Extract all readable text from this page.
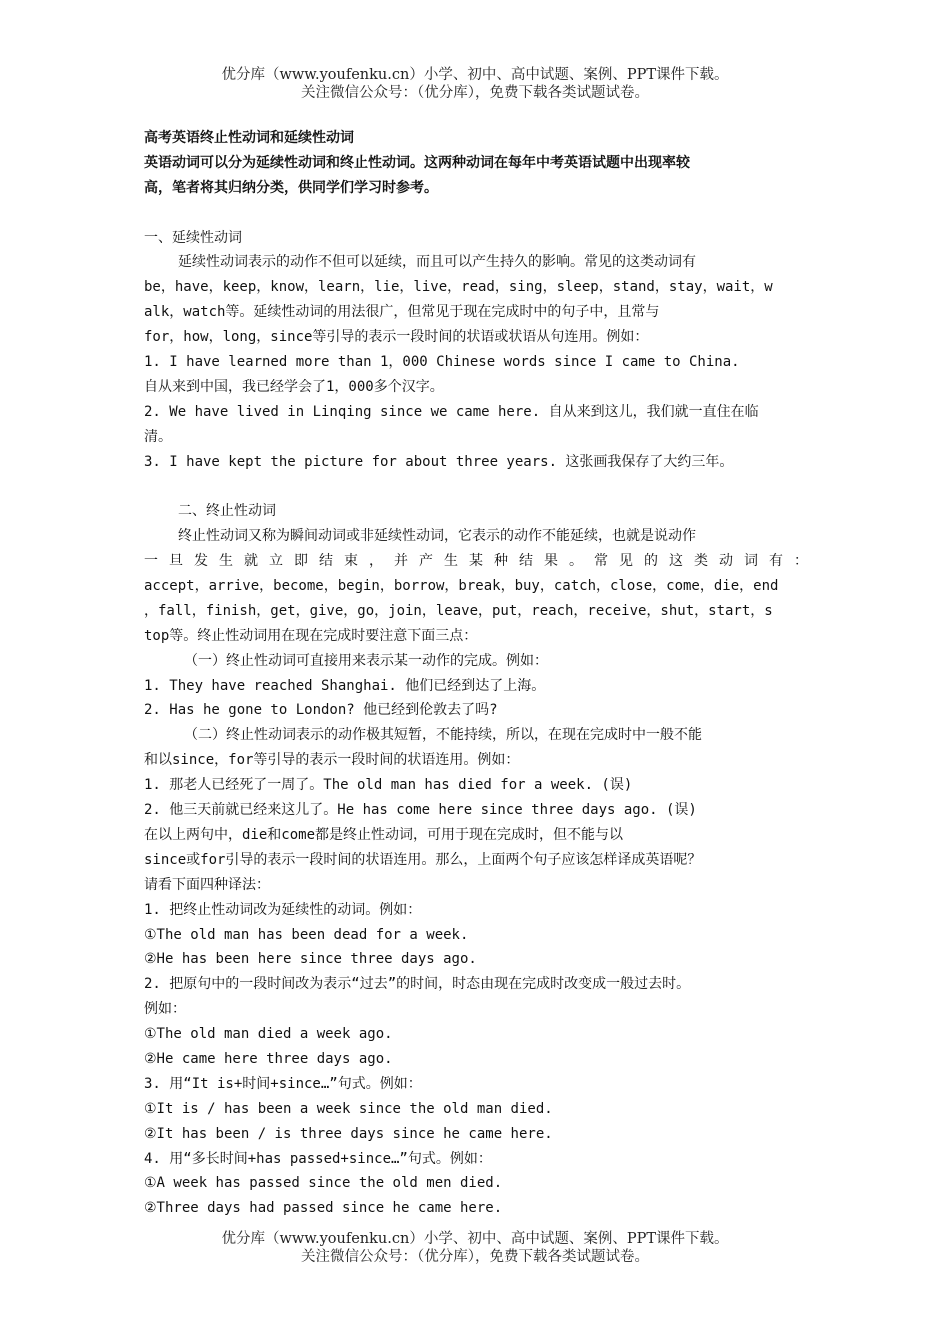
优分库（www.youfenku.cn）小学、初中、高中试题、案例、PPT课件下载。
关注微信公众号：（优分库），免费下载各类试题试卷。
高考英语终止性动词和延续性动词
英语动词可以分为延续性动词和终止性动词。这两种动词在每年中考英语试题中出现率较
高，笔者将其归纳分类，供同学们学习时参考。
一、延续性动词
延续性动词表示的动作不但可以延续，而且可以产生持久的影响。常见的这类动词有
be，have，keep，know，learn，lie，live，read，sing，sleep，stand，stay，wait，w
alk，watch等。延续性动词的用法很广，但常见于现在完成时中的句子中，且常与
for，how，long，since等引导的表示一段时间的状语或状语从句连用。例如：
1. I have learned more than 1，000 Chinese words since I came to China.
自从来到中国，我已经学会了1，000多个汉字。
2. We have lived in Linqing since we came here. 自从来到这儿，我们就一直住在临
清。
3. I have kept the picture for about three years. 这张画我保存了大约三年。
二、终止性动词
终止性动词又称为瞬间动词或非延续性动词，它表示的动作不能延续，也就是说动作
一旦发生就立即结束，并产生某种结果。常见的这类动词有：
accept，arrive，become，begin，borrow，break，buy，catch，close，come，die，end
，fall，finish，get，give，go，join，leave，put，reach，receive，shut，start，s
top等。终止性动词用在现在完成时要注意下面三点：
（一）终止性动词可直接用来表示某一动作的完成。例如：
1. They have reached Shanghai. 他们已经到达了上海。
2. Has he gone to London? 他已经到伦敦去了吗?
（二）终止性动词表示的动作极其短暂，不能持续，所以，在现在完成时中一般不能
和以since，for等引导的表示一段时间的状语连用。例如：
1. 那老人已经死了一周了。The old man has died for a week. (误)
2. 他三天前就已经来这儿了。He has come here since three days ago. (误)
在以上两句中，die和come都是终止性动词，可用于现在完成时，但不能与以
since或for引导的表示一段时间的状语连用。那么，上面两个句子应该怎样译成英语呢？
请看下面四种译法：
1. 把终止性动词改为延续性的动词。例如：
①The old man has been dead for a week.
②He has been here since three days ago.
2. 把原句中的一段时间改为表示“过去”的时间，时态由现在完成时改变成一般过去时。
例如：
①The old man died a week ago.
②He came here three days ago.
3. 用“It is+时间+since…”句式。例如：
①It is / has been a week since the old man died.
②It has been / is three days since he came here.
4. 用“多长时间+has passed+since…”句式。例如：
①A week has passed since the old men died.
②Three days had passed since he came here.
优分库（www.youfenku.cn）小学、初中、高中试题、案例、PPT课件下载。
关注微信公众号：（优分库），免费下载各类试题试卷。
